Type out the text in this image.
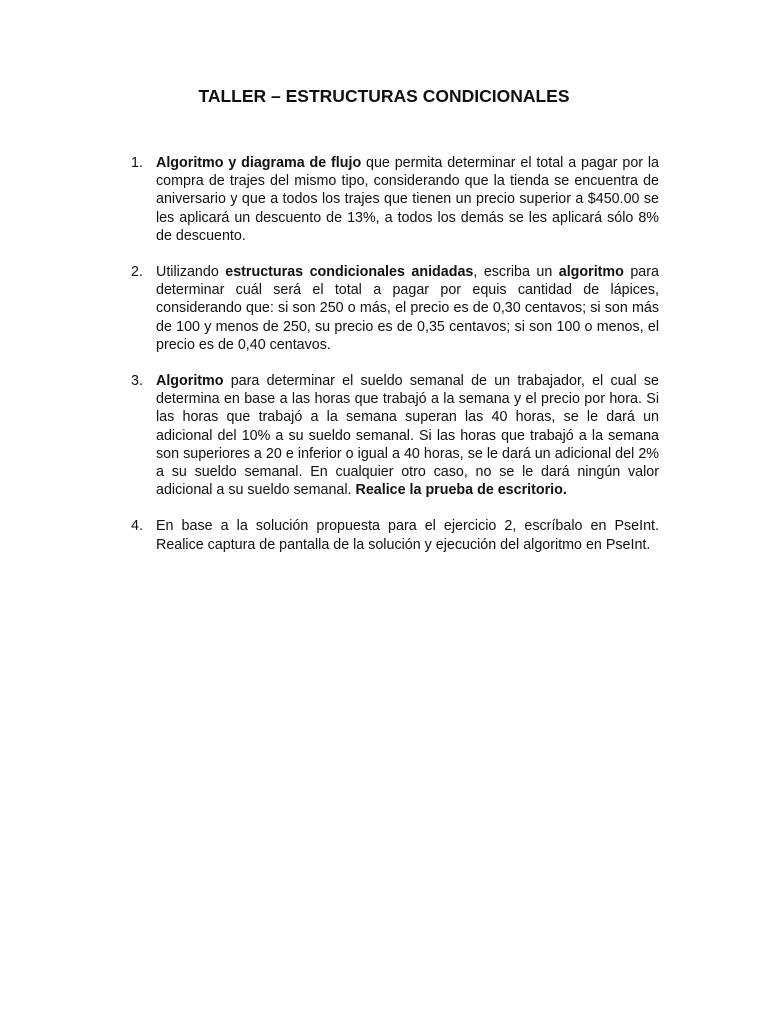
TALLER – ESTRUCTURAS CONDICIONALES
1. Algoritmo y diagrama de flujo que permita determinar el total a pagar por la compra de trajes del mismo tipo, considerando que la tienda se encuentra de aniversario y que a todos los trajes que tienen un precio superior a $450.00 se les aplicará un descuento de 13%, a todos los demás se les aplicará sólo 8% de descuento.
2. Utilizando estructuras condicionales anidadas, escriba un algoritmo para determinar cuál será el total a pagar por equis cantidad de lápices, considerando que: si son 250 o más, el precio es de 0,30 centavos; si son más de 100 y menos de 250, su precio es de 0,35 centavos; si son 100 o menos, el precio es de 0,40 centavos.
3. Algoritmo para determinar el sueldo semanal de un trabajador, el cual se determina en base a las horas que trabajó a la semana y el precio por hora. Si las horas que trabajó a la semana superan las 40 horas, se le dará un adicional del 10% a su sueldo semanal. Si las horas que trabajó a la semana son superiores a 20 e inferior o igual a 40 horas, se le dará un adicional del 2% a su sueldo semanal. En cualquier otro caso, no se le dará ningún valor adicional a su sueldo semanal. Realice la prueba de escritorio.
4. En base a la solución propuesta para el ejercicio 2, escríbalo en PseInt. Realice captura de pantalla de la solución y ejecución del algoritmo en PseInt.
